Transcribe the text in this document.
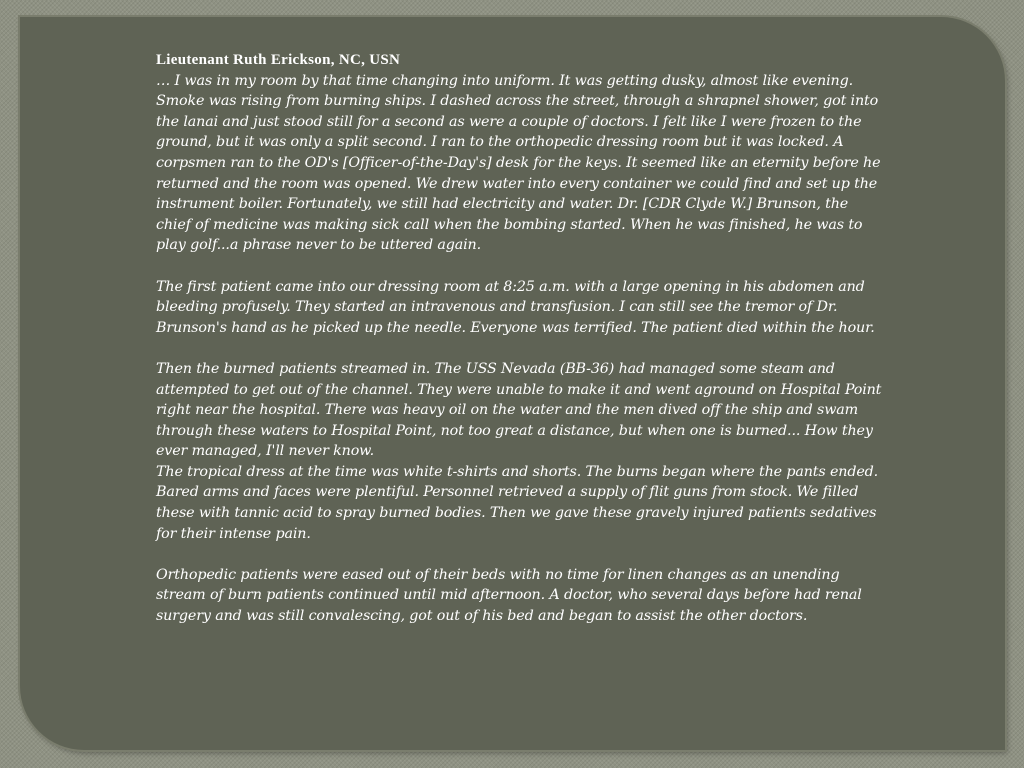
Lieutenant Ruth Erickson, NC, USN

… I was in my room by that time changing into uniform. It was getting dusky, almost like evening. Smoke was rising from burning ships. I dashed across the street, through a shrapnel shower, got into the lanai and just stood still for a second as were a couple of doctors. I felt like I were frozen to the ground, but it was only a split second. I ran to the orthopedic dressing room but it was locked. A corpsmen ran to the OD's [Officer-of-the-Day's] desk for the keys. It seemed like an eternity before he returned and the room was opened. We drew water into every container we could find and set up the instrument boiler. Fortunately, we still had electricity and water. Dr. [CDR Clyde W.] Brunson, the chief of medicine was making sick call when the bombing started. When he was finished, he was to play golf...a phrase never to be uttered again.

The first patient came into our dressing room at 8:25 a.m. with a large opening in his abdomen and bleeding profusely. They started an intravenous and transfusion. I can still see the tremor of Dr. Brunson's hand as he picked up the needle. Everyone was terrified. The patient died within the hour.

Then the burned patients streamed in. The USS Nevada (BB-36) had managed some steam and attempted to get out of the channel. They were unable to make it and went aground on Hospital Point right near the hospital. There was heavy oil on the water and the men dived off the ship and swam through these waters to Hospital Point, not too great a distance, but when one is burned... How they ever managed, I'll never know.

The tropical dress at the time was white t-shirts and shorts. The burns began where the pants ended. Bared arms and faces were plentiful. Personnel retrieved a supply of flit guns from stock. We filled these with tannic acid to spray burned bodies. Then we gave these gravely injured patients sedatives for their intense pain.

Orthopedic patients were eased out of their beds with no time for linen changes as an unending stream of burn patients continued until mid afternoon. A doctor, who several days before had renal surgery and was still convalescing, got out of his bed and began to assist the other doctors.
